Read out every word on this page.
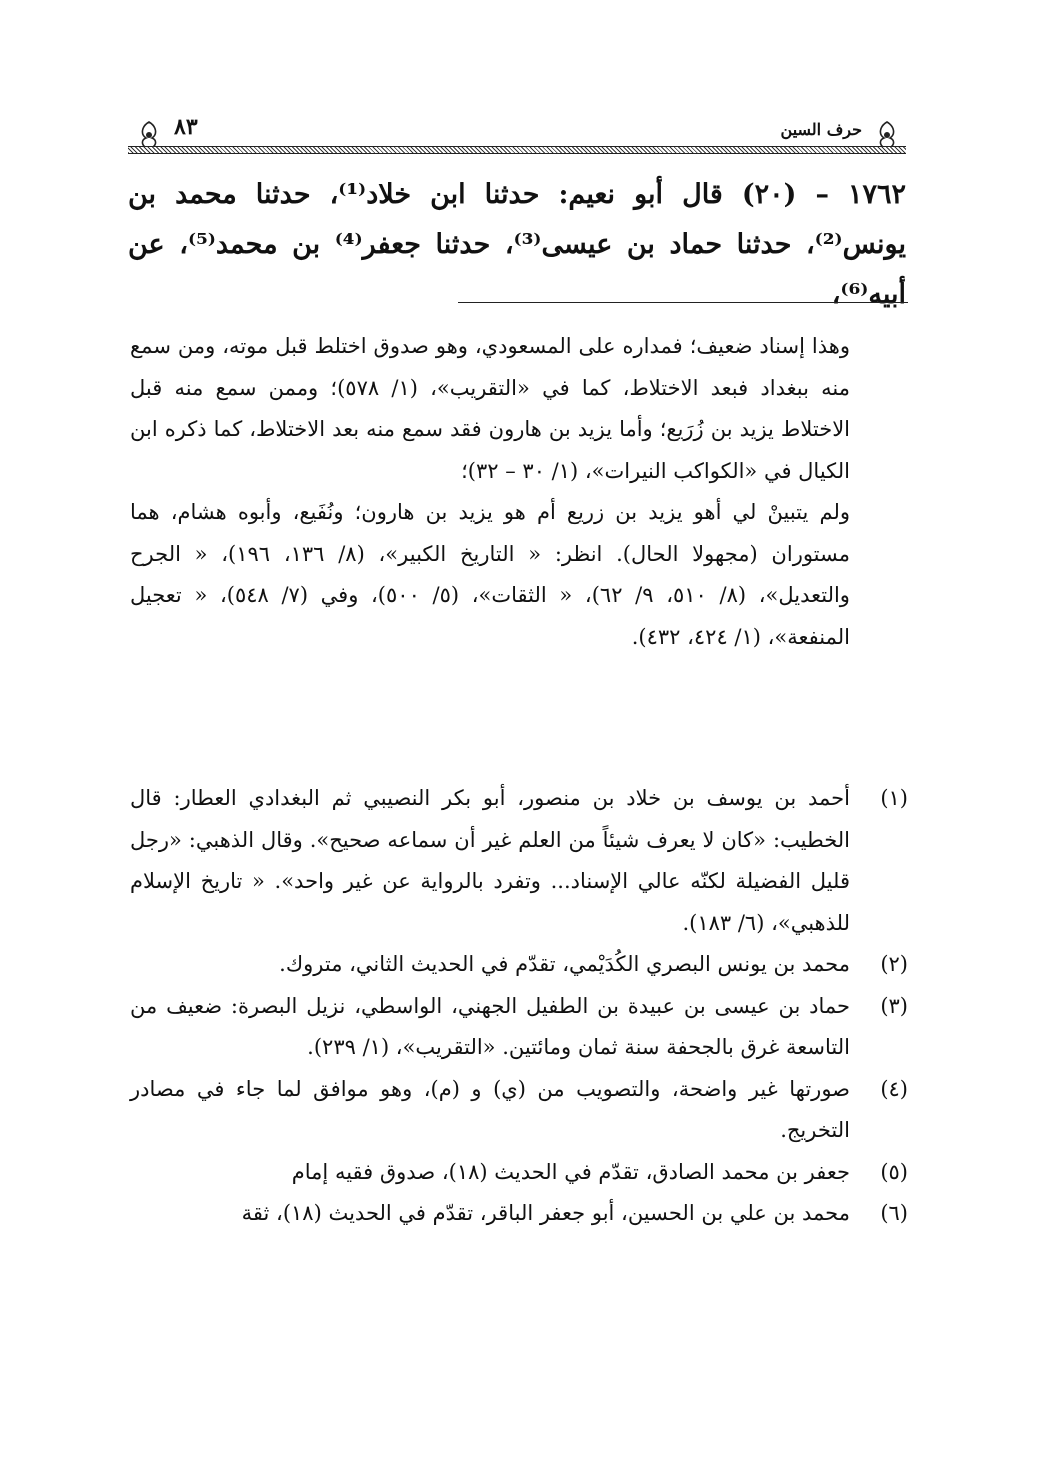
حرف السين
٨٣
١٧٦٢ – (٢٠) قال أبو نعيم: حدثنا ابن خلاد⁽¹⁾، حدثنا محمد بن يونس⁽²⁾، حدثنا حماد بن عيسى⁽³⁾، حدثنا جعفر⁽⁴⁾ بن محمد⁽⁵⁾، عن أبيه⁽⁶⁾،

وهذا إسناد ضعيف؛ فمداره على المسعودي، وهو صدوق اختلط قبل موته، ومن سمع منه ببغداد فبعد الاختلاط، كما في «التقريب»، (١/ ٥٧٨)؛ وممن سمع منه قبل الاختلاط يزيد بن زُرَيع؛ وأما يزيد بن هارون فقد سمع منه بعد الاختلاط، كما ذكره ابن الكيال في «الكواكب النيرات»، (١/ ٣٠ – ٣٢)؛

ولم يتبينْ لي أهو يزيد بن زريع أم هو يزيد بن هارون؛ ونُفَيع، وأبوه هشام، هما مستوران (مجهولا الحال). انظر: « التاريخ الكبير»، (٨/ ١٣٦، ١٩٦)، « الجرح والتعديل»، (٨/ ٥١٠، ٩/ ٦٢)، « الثقات»، (٥/ ٥٠٠)، وفي (٧/ ٥٤٨)، « تعجيل المنفعة»، (١/ ٤٢٤، ٤٣٢).

(١)
أحمد بن يوسف بن خلاد بن منصور، أبو بكر النصيبي ثم البغدادي العطار: قال الخطيب: «كان لا يعرف شيئاً من العلم غير أن سماعه صحيح». وقال الذهبي: «رجل قليل الفضيلة لكنّه عالي الإسناد... وتفرد بالرواية عن غير واحد». « تاريخ الإسلام للذهبي»، (٦/ ١٨٣).
(٢)
محمد بن يونس البصري الكُدَيْمي، تقدّم في الحديث الثاني، متروك.
(٣)
حماد بن عيسى بن عبيدة بن الطفيل الجهني، الواسطي، نزيل البصرة: ضعيف من التاسعة غرق بالجحفة سنة ثمان ومائتين. «التقريب»، (١/ ٢٣٩).
(٤)
صورتها غير واضحة، والتصويب من (ي) و (م)، وهو موافق لما جاء في مصادر التخريج.
(٥)
جعفر بن محمد الصادق، تقدّم في الحديث (١٨)، صدوق فقيه إمام
(٦)
محمد بن علي بن الحسين، أبو جعفر الباقر، تقدّم في الحديث (١٨)، ثقة
